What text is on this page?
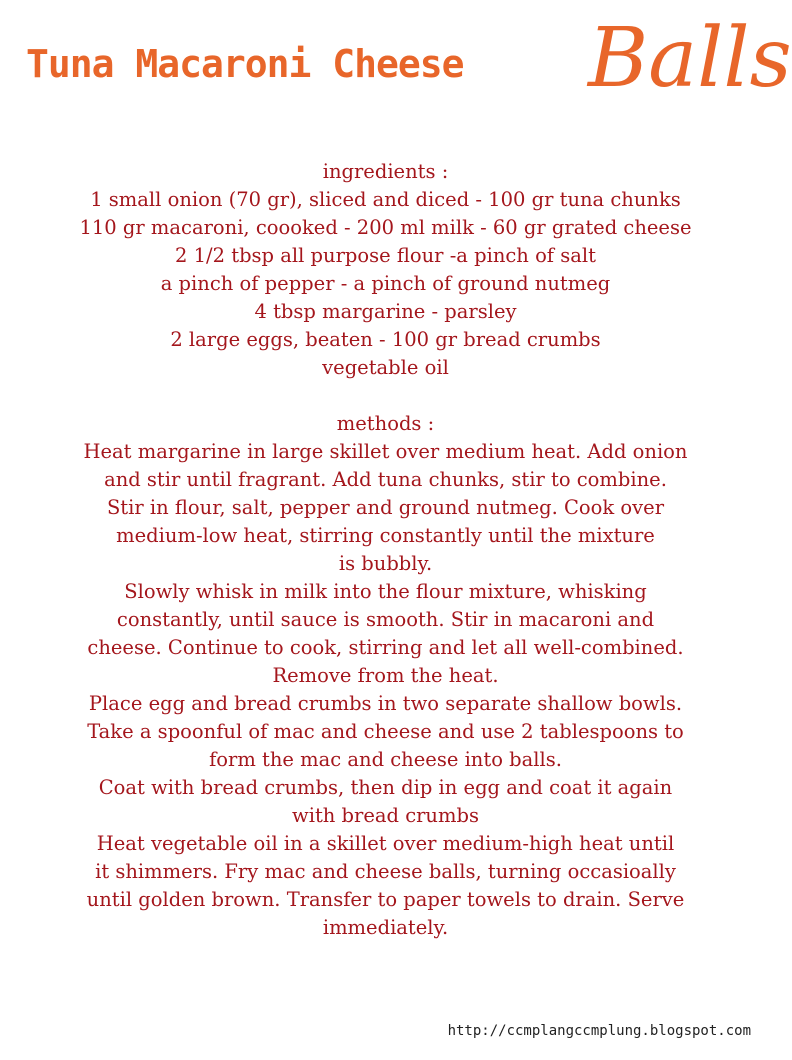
Tuna Macaroni Cheese Balls

ingredients :

1 small onion (70 gr), sliced and diced - 100 gr tuna chunks

110 gr macaroni, coooked - 200 ml milk - 60 gr grated cheese

2 1/2 tbsp all purpose flour -a pinch of salt

a pinch of pepper - a pinch of ground nutmeg

4 tbsp margarine - parsley

2 large eggs, beaten - 100 gr bread crumbs

vegetable oil

methods :

Heat margarine in large skillet over medium heat. Add onion

and stir until fragrant. Add tuna chunks, stir to combine.

Stir in flour, salt, pepper and ground nutmeg. Cook over

medium-low heat, stirring constantly until the mixture

is bubbly.

Slowly whisk in milk into the flour mixture, whisking

constantly, until sauce is smooth. Stir in macaroni and

cheese. Continue to cook, stirring and let all well-combined.

Remove from the heat.

Place egg and bread crumbs in two separate shallow bowls.

Take a spoonful of mac and cheese and use 2 tablespoons to

form the mac and cheese into balls.

Coat with bread crumbs, then dip in egg and coat it again

with bread crumbs

Heat vegetable oil in a skillet over medium-high heat until

it shimmers. Fry mac and cheese balls, turning occasioally

until golden brown. Transfer to paper towels to drain. Serve

immediately.

http://ccmplangccmplung.blogspot.com
